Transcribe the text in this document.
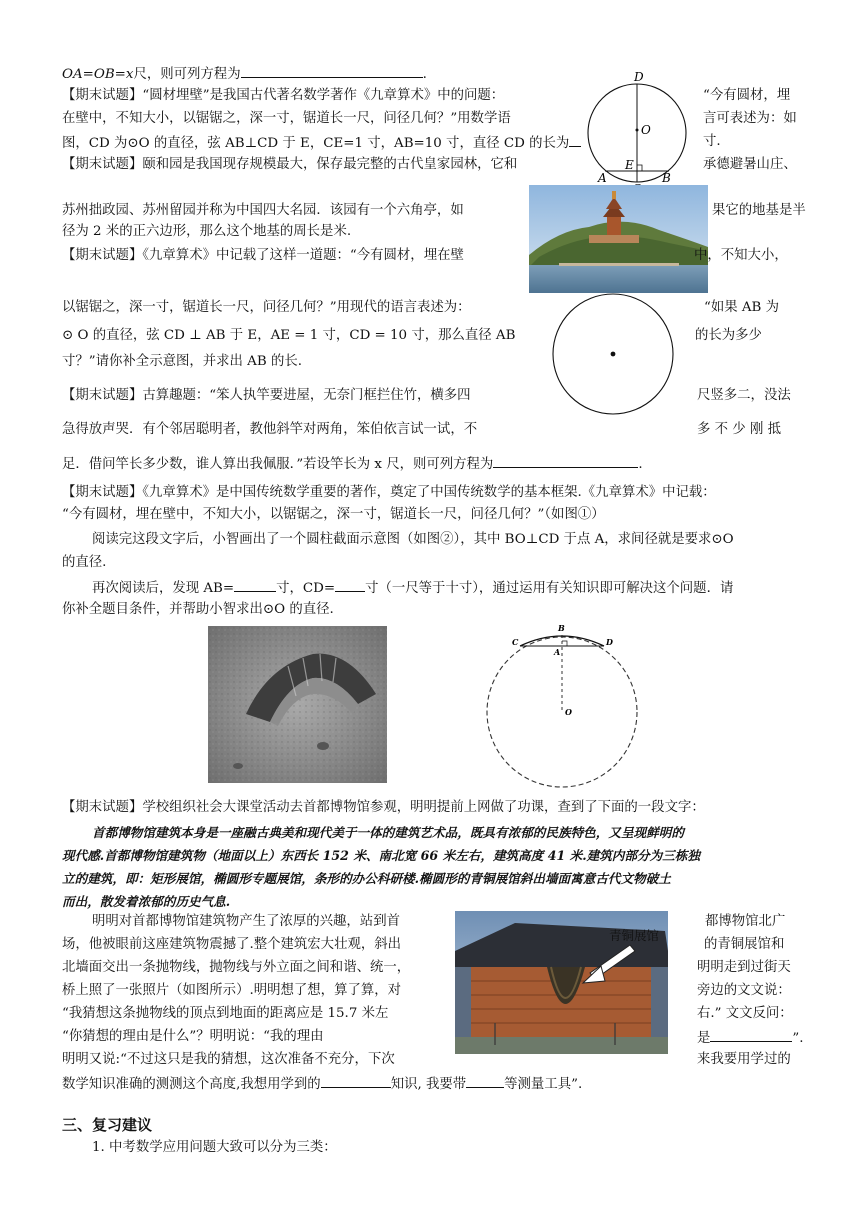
OA=OB=x尺，则可列方程为	.
【期末试题】“圆材埋壁”是我国古代著名数学著作《九章算术》中的问题：	“今有圆材，埋
在壁中，不知大小，以锯锯之，深一寸，锯道长一尺，问径几何？”用数学语	言可表述为：如
图，CD 为⊙O 的直径，弦 AB⊥CD 于 E，CE=1 寸，AB=10 寸，直径 CD 的长为	寸.
D
O
E
A	B
【期末试题】颐和园是我国现存规模最大，保存最完整的古代皇家园林，它和	承德避暑山庄、
苏州拙政园、苏州留园并称为中国四大名园．该园有一个六角亭，如	果它的地基是半
径为 2 米的正六边形，那么这个地基的周长是米.
【期末试题】《九章算术》中记载了这样一道题：“今有圆材，埋在壁	中，不知大小，
以锯锯之，深一寸，锯道长一尺，问径几何？”用现代的语言表述为：	“如果 AB 为
⊙ O 的直径，弦 CD ⊥ AB 于 E，AE = 1 寸，CD = 10 寸，那么直径 AB	的长为多少
寸？”请你补全示意图，并求出 AB 的长.
【期末试题】古算趣题：“笨人执竿要进屋，无奈门框拦住竹，横多四	尺竖多二，没法
急得放声哭．有个邻居聪明者，教他斜竿对两角，笨伯依言试一试，不	多 不 少 刚 抵
足．借问竿长多少数，谁人算出我佩服．”若设竿长为 x 尺，则可列方程为	.
【期末试题】《九章算术》是中国传统数学重要的著作，奠定了中国传统数学的基本框架.《九章算术》中记载：
“今有圆材，埋在壁中，不知大小，以锯锯之，深一寸，锯道长一尺，问径几何？”（如图①）
阅读完这段文字后，小智画出了一个圆柱截面示意图（如图②），其中 BO⊥CD 于点 A，求间径就是要求⊙O
的直径.
再次阅读后，发现 AB=	寸，CD= 寸（一尺等于十寸），通过运用有关知识即可解决这个问题．请
你补全题目条件，并帮助小智求出⊙O 的直径.
C
B
D
A
O
【期末试题】学校组织社会大课堂活动去首都博物馆参观，明明提前上网做了功课，查到了下面的一段文字：
首都博物馆建筑本身是一座融古典美和现代美于一体的建筑艺术品，既具有浓郁的民族特色，又呈现鲜明的
现代感.首都博物馆建筑物（地面以上）东西长 152 米、南北宽 66 米左右，建筑高度 41 米.建筑内部分为三栋独
立的建筑，即：矩形展馆，椭圆形专题展馆，条形的办公科研楼.椭圆形的青铜展馆斜出墙面寓意古代文物破土
而出，散发着浓郁的历史气息.
明明对首都博物馆建筑物产生了浓厚的兴趣，站到首	都博物馆北广
场，他被眼前这座建筑物震撼了.整个建筑宏大壮观，斜出	的青铜展馆和
北墙面交出一条抛物线，抛物线与外立面之间和谐、统一，	明明走到过街天
桥上照了一张照片（如图所示）.明明想了想，算了算，对	旁边的文文说：
“我猜想这条抛物线的顶点到地面的距离应是 15.7 米左	右.” 文文反问：
“你猜想的理由是什么”？明明说：“我的理由	是	”.
明明又说:“不过这只是我的猜想，这次准备不充分，下次	来我要用学过的
数学知识准确的测测这个高度,我想用学到的	知识, 我要带	等测量工具”.
青铜展馆
三、复习建议
1. 中考数学应用问题大致可以分为三类：
